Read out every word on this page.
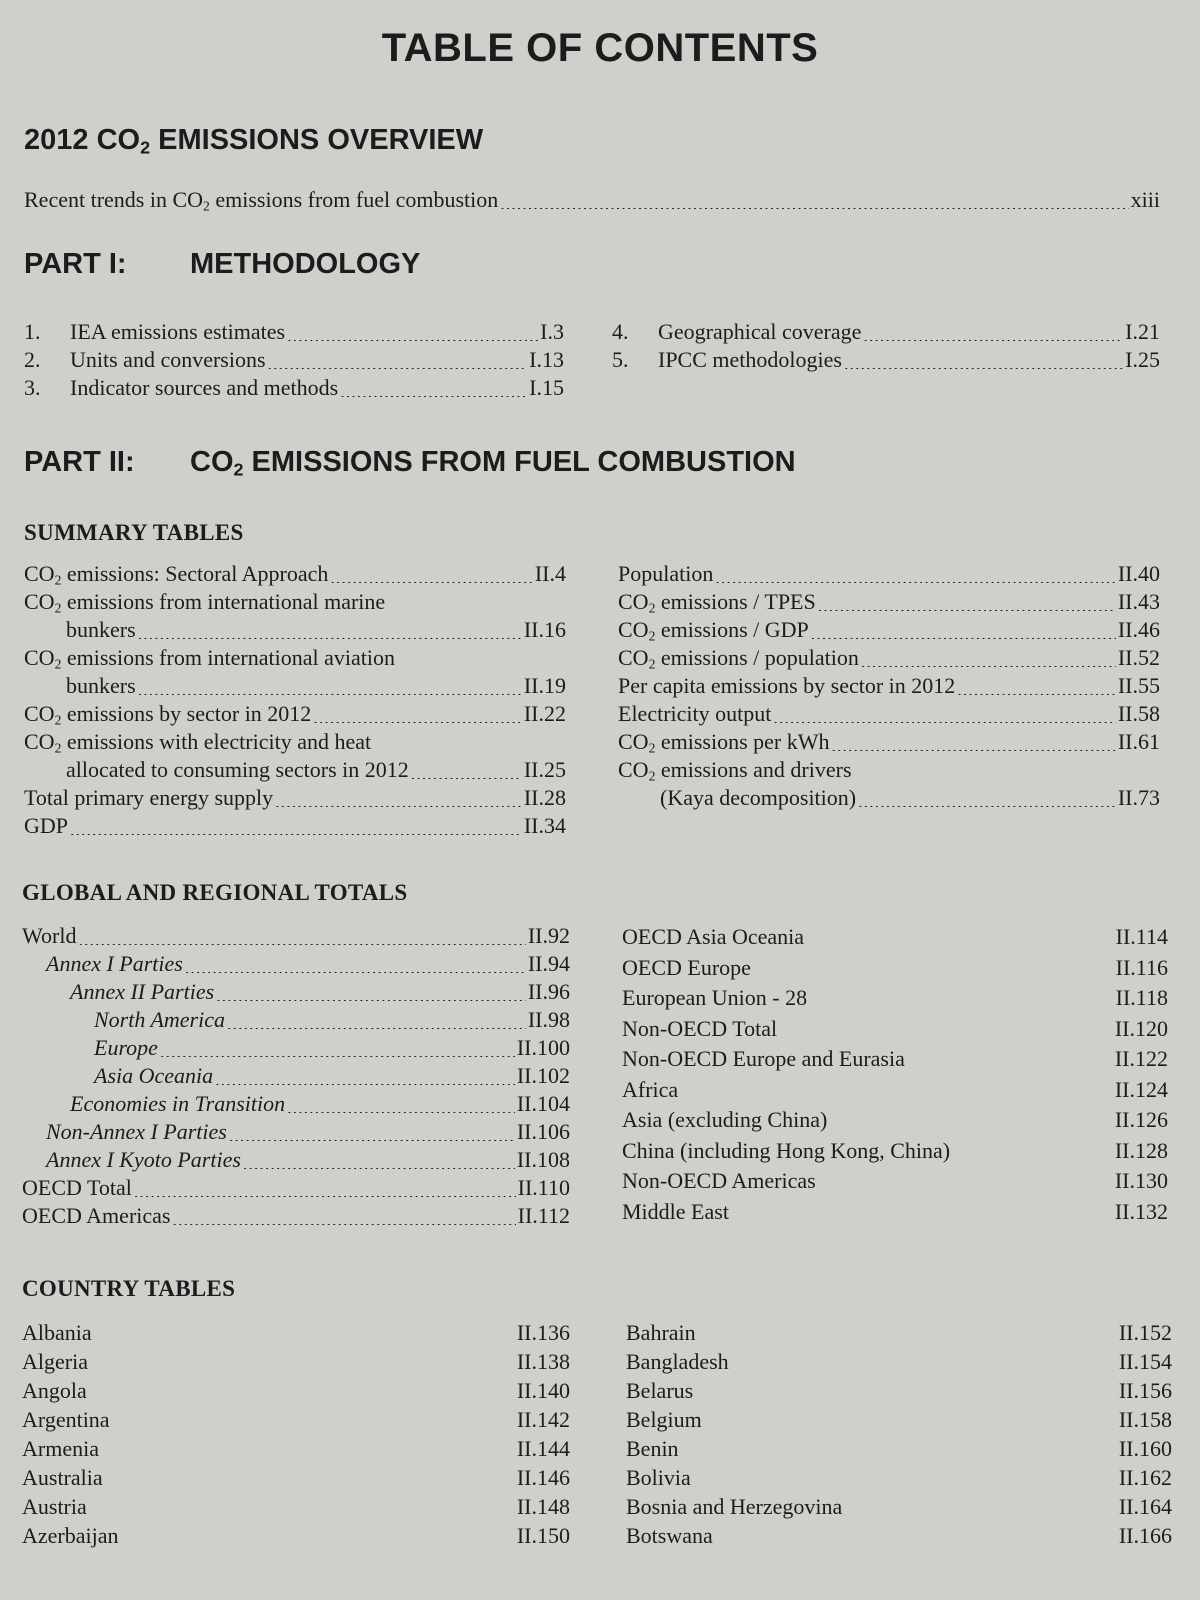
TABLE OF CONTENTS
2012 $CO_2$ EMISSIONS OVERVIEW
Recent trends in $CO_2$ emissions from fuel combustion .....	xiii
PART I: METHODOLOGY
1. IEA emissions estimates .....	I.3
2. Units and conversions .....	I.13
3. Indicator sources and methods .....	I.15
4. Geographical coverage .....	I.21
5. IPCC methodologies .....	I.25
PART II: $CO_2$ EMISSIONS FROM FUEL COMBUSTION
SUMMARY TABLES
$CO_2$ emissions: Sectoral Approach .....	II.4
$CO_2$ emissions from international marine
bunkers .....	II.16
$CO_2$ emissions from international aviation
bunkers .....	II.19
$CO_2$ emissions by sector in 2012 .....	II.22
$CO_2$ emissions with electricity and heat
allocated to consuming sectors in 2012 .....	II.25
Total primary energy supply .....	II.28
GDP .....	II.34
Population .....	II.40
$CO_2$ emissions / TPES .....	II.43
$CO_2$ emissions / GDP .....	II.46
$CO_2$ emissions / population .....	II.52
Per capita emissions by sector in 2012 .....	II.55
Electricity output .....	II.58
$CO_2$ emissions per kWh .....	II.61
$CO_2$ emissions and drivers
(Kaya decomposition) .....	II.73
GLOBAL AND REGIONAL TOTALS
World .....	II.92
Annex I Parties .....	II.94
Annex II Parties .....	II.96
North America .....	II.98
Europe .....	II.100
Asia Oceania .....	II.102
Economies in Transition .....	II.104
Non-Annex I Parties .....	II.106
Annex I Kyoto Parties .....	II.108
OECD Total .....	II.110
OECD Americas .....	II.112
OECD Asia Oceania .....	II.114
OECD Europe .....	II.116
European Union - 28 .....	II.118
Non-OECD Total .....	II.120
Non-OECD Europe and Eurasia .....	II.122
Africa .....	II.124
Asia (excluding China) .....	II.126
China (including Hong Kong, China) .....	II.128
Non-OECD Americas .....	II.130
Middle East .....	II.132
COUNTRY TABLES
Albania .....	II.136
Algeria .....	II.138
Angola .....	II.140
Argentina .....	II.142
Armenia .....	II.144
Australia .....	II.146
Austria .....	II.148
Azerbaijan .....	II.150
Bahrain .....	II.152
Bangladesh .....	II.154
Belarus .....	II.156
Belgium .....	II.158
Benin .....	II.160
Bolivia .....	II.162
Bosnia and Herzegovina .....	II.164
Botswana .....	II.166
